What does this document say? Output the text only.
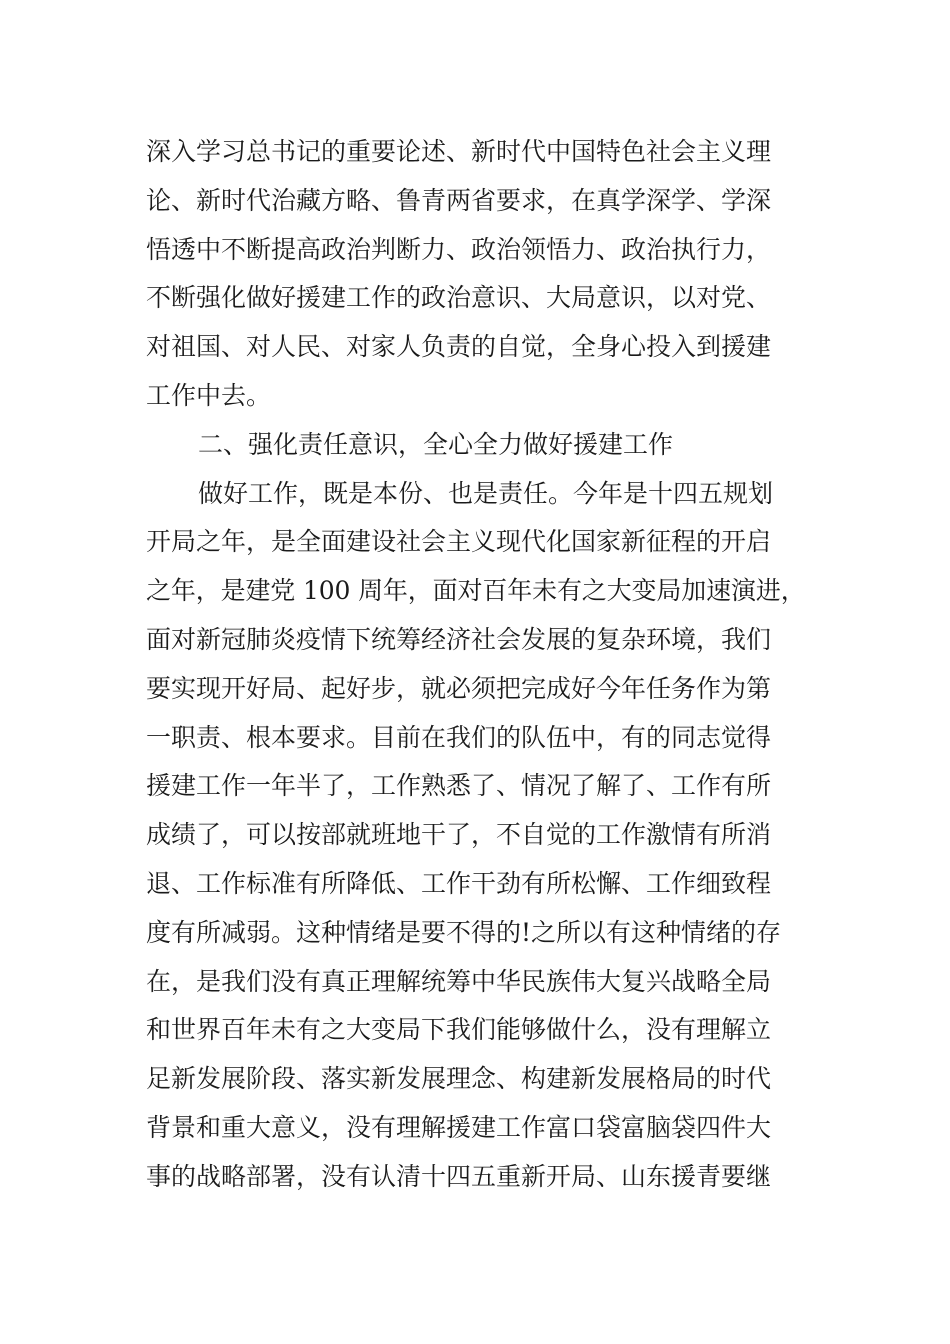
深入学习总书记的重要论述、新时代中国特色社会主义理
论、新时代治藏方略、鲁青两省要求，在真学深学、学深
悟透中不断提高政治判断力、政治领悟力、政治执行力，
不断强化做好援建工作的政治意识、大局意识，以对党、
对祖国、对人民、对家人负责的自觉，全身心投入到援建
工作中去。
二、强化责任意识，全心全力做好援建工作
做好工作，既是本份、也是责任。今年是十四五规划
开局之年，是全面建设社会主义现代化国家新征程的开启
之年，是建党 100 周年，面对百年未有之大变局加速演进，
面对新冠肺炎疫情下统筹经济社会发展的复杂环境，我们
要实现开好局、起好步，就必须把完成好今年任务作为第
一职责、根本要求。目前在我们的队伍中，有的同志觉得
援建工作一年半了，工作熟悉了、情况了解了、工作有所
成绩了，可以按部就班地干了，不自觉的工作激情有所消
退、工作标准有所降低、工作干劲有所松懈、工作细致程
度有所减弱。这种情绪是要不得的!之所以有这种情绪的存
在，是我们没有真正理解统筹中华民族伟大复兴战略全局
和世界百年未有之大变局下我们能够做什么，没有理解立
足新发展阶段、落实新发展理念、构建新发展格局的时代
背景和重大意义，没有理解援建工作富口袋富脑袋四件大
事的战略部署，没有认清十四五重新开局、山东援青要继
